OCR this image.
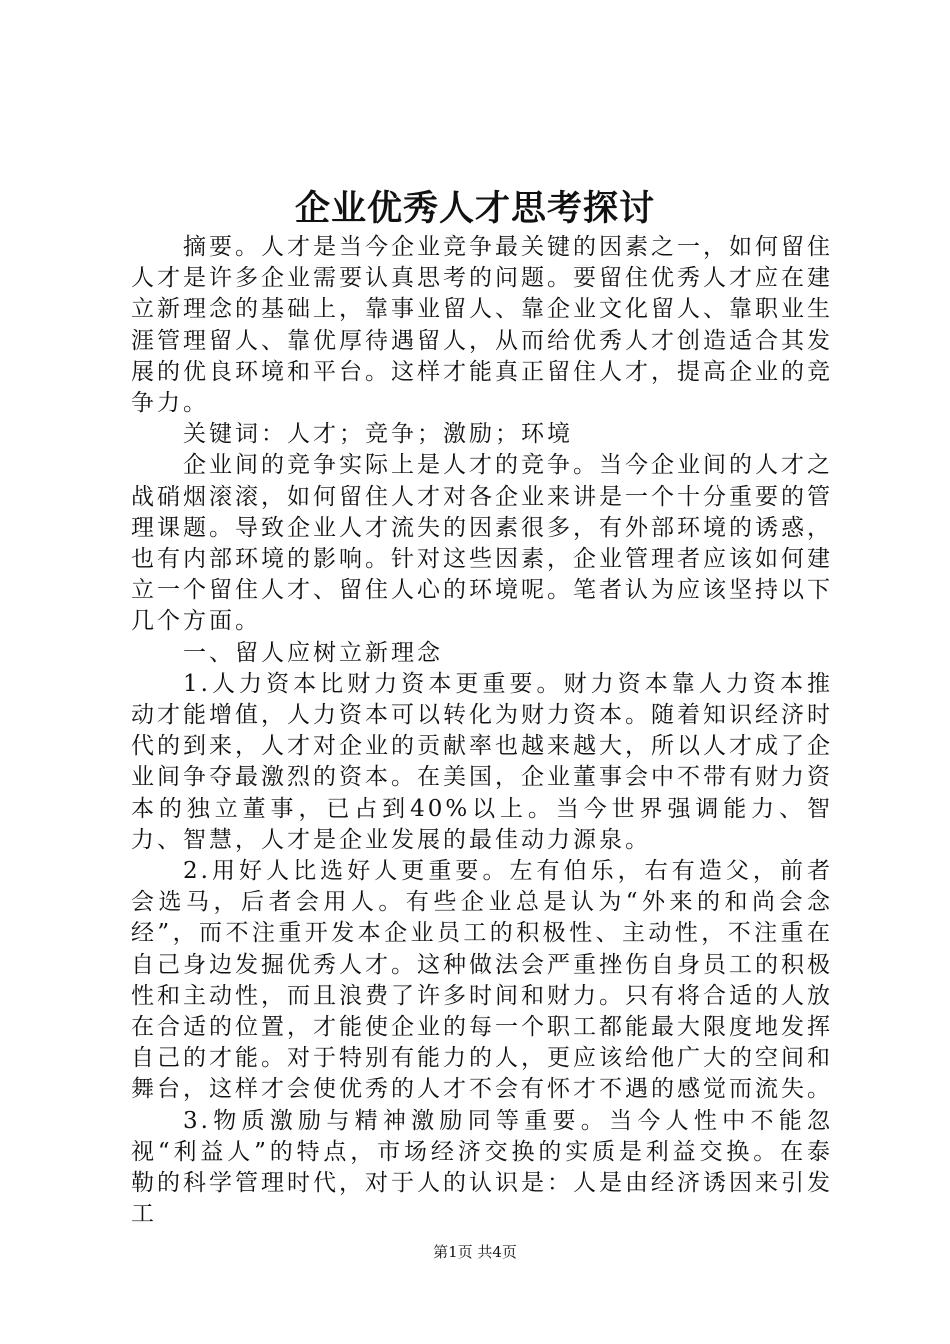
企业优秀人才思考探讨

摘要。人才是当今企业竞争最关键的因素之一，如何留住人才是许多企业需要认真思考的问题。要留住优秀人才应在建立新理念的基础上，靠事业留人、靠企业文化留人、靠职业生涯管理留人、靠优厚待遇留人，从而给优秀人才创造适合其发展的优良环境和平台。这样才能真正留住人才，提高企业的竞争力。

关键词：人才；竞争；激励；环境

企业间的竞争实际上是人才的竞争。当今企业间的人才之战硝烟滚滚，如何留住人才对各企业来讲是一个十分重要的管理课题。导致企业人才流失的因素很多，有外部环境的诱惑，也有内部环境的影响。针对这些因素，企业管理者应该如何建立一个留住人才、留住人心的环境呢。笔者认为应该坚持以下几个方面。

一、留人应树立新理念

1.人力资本比财力资本更重要。财力资本靠人力资本推动才能增值，人力资本可以转化为财力资本。随着知识经济时代的到来，人才对企业的贡献率也越来越大，所以人才成了企业间争夺最激烈的资本。在美国，企业董事会中不带有财力资本的独立董事，已占到40%以上。当今世界强调能力、智力、智慧，人才是企业发展的最佳动力源泉。

2.用好人比选好人更重要。左有伯乐，右有造父，前者会选马，后者会用人。有些企业总是认为“外来的和尚会念经”，而不注重开发本企业员工的积极性、主动性，不注重在自己身边发掘优秀人才。这种做法会严重挫伤自身员工的积极性和主动性，而且浪费了许多时间和财力。只有将合适的人放在合适的位置，才能使企业的每一个职工都能最大限度地发挥自己的才能。对于特别有能力的人，更应该给他广大的空间和舞台，这样才会使优秀的人才不会有怀才不遇的感觉而流失。

3.物质激励与精神激励同等重要。当今人性中不能忽视“利益人”的特点，市场经济交换的实质是利益交换。在泰勒的科学管理时代，对于人的认识是：人是由经济诱因来引发工

第1页 共4页
